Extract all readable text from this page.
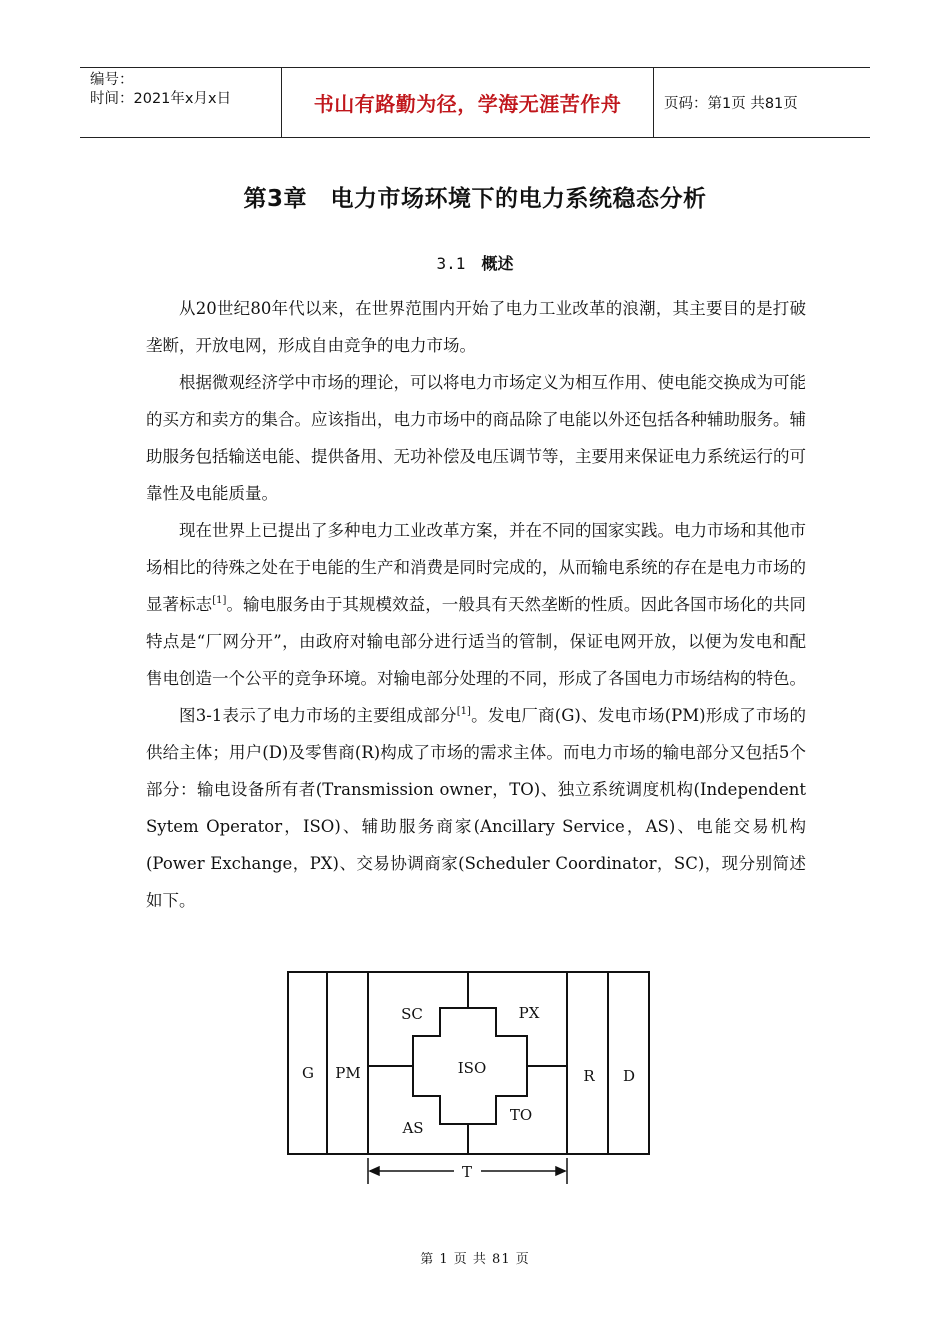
编号：
时间：2021年x月x日	书山有路勤为径，学海无涯苦作舟	页码：第1页 共81页
第3章　电力市场环境下的电力系统稳态分析
3.1 概述

从20世纪80年代以来，在世界范围内开始了电力工业改革的浪潮，其主要目的是打破垄断，开放电网，形成自由竞争的电力市场。

根据微观经济学中市场的理论，可以将电力市场定义为相互作用、使电能交换成为可能的买方和卖方的集合。应该指出，电力市场中的商品除了电能以外还包括各种辅助服务。辅助服务包括输送电能、提供备用、无功补偿及电压调节等，主要用来保证电力系统运行的可靠性及电能质量。

现在世界上已提出了多种电力工业改革方案，并在不同的国家实践。电力市场和其他市场相比的待殊之处在于电能的生产和消费是同时完成的，从而输电系统的存在是电力市场的显著标志[1]。输电服务由于其规模效益，一般具有天然垄断的性质。因此各国市场化的共同特点是“厂网分开”，由政府对输电部分进行适当的管制，保证电网开放，以便为发电和配售电创造一个公平的竞争环境。对输电部分处理的不同，形成了各国电力市场结构的特色。

图3-1表示了电力市场的主要组成部分[1]。发电厂商(G)、发电市场(PM)形成了市场的供给主体；用户(D)及零售商(R)构成了市场的需求主体。而电力市场的输电部分又包括5个部分：输电设备所有者(Transmission owner，TO)、独立系统调度机构(Independent Sytem Operator，ISO)、辅助服务商家(Ancillary Service，AS)、电能交易机构(Power Exchange，PX)、交易协调商家(Scheduler Coordinator，SC)，现分别简述如下。

G PM
SC	PX
ISO
AS
TO
R D
T
第 1 页 共 81 页
